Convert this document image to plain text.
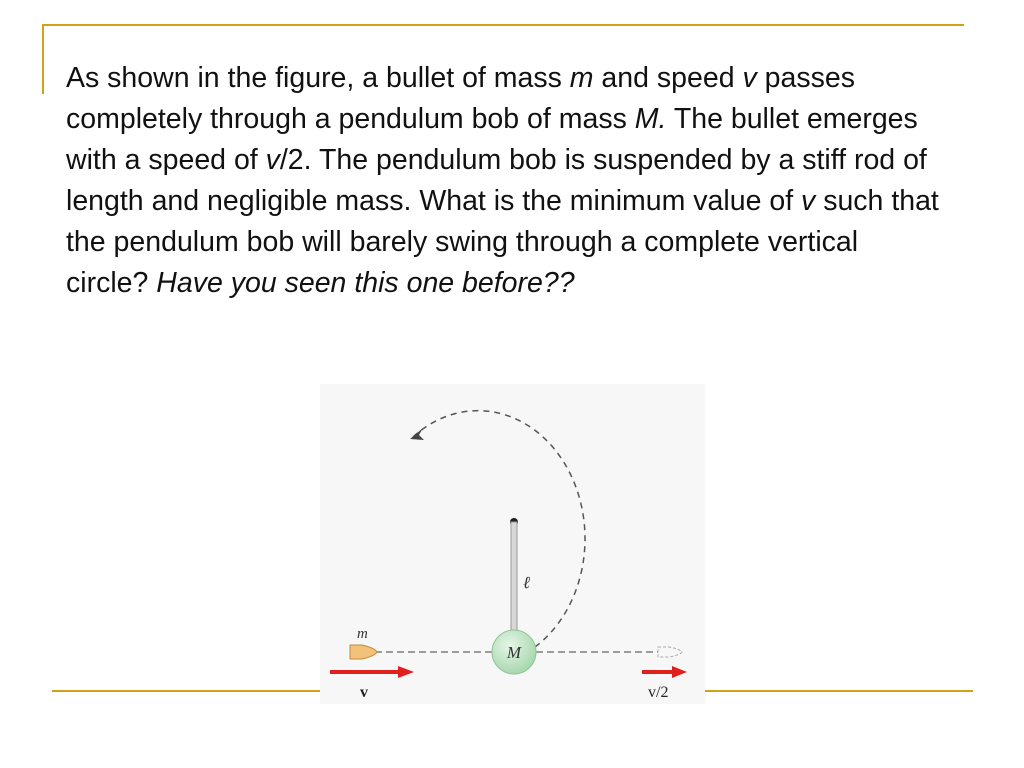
As shown in the figure, a bullet of mass m and speed v passes completely through a pendulum bob of mass M. The bullet emerges with a speed of v/2. The pendulum bob is suspended by a stiff rod of length and negligible mass. What is the minimum value of v such that the pendulum bob will barely swing through a complete vertical circle? Have you seen this one before??

ℓ
M
m
v	v/2
